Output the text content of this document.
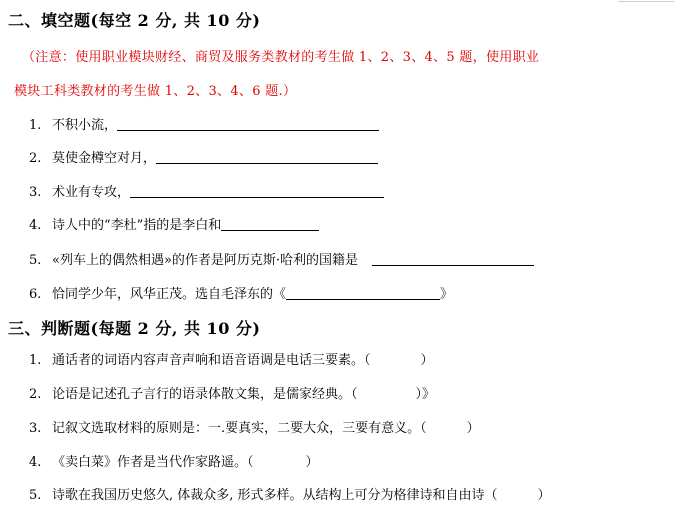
二、填空题(每空 2 分, 共 10 分)
（注意：使用职业模块财经、商贸及服务类教材的考生做 1、2、3、4、5 题，使用职业
模块工科类教材的考生做 1、2、3、4、6 题.）
1. 不积小流，
2. 莫使金樽空对月，
3. 术业有专攻，
4. 诗人中的“李杜”指的是李白和
5. «列车上的偶然相遇»的作者是阿历克斯·哈利的国籍是
6. 恰同学少年，风华正茂。选自毛泽东的《	》
三、判断题(每题 2 分, 共 10 分)
1. 通话者的词语内容声音声响和语音语调是电话三要素。（	）
2. 论语是记述孔子言行的语录体散文集，是儒家经典。（	）》
3. 记叙文选取材料的原则是：一.要真实，二要大众，三要有意义。（	）
4. 《卖白菜》作者是当代作家路遥。（	）
5. 诗歌在我国历史悠久, 体裁众多, 形式多样。从结构上可分为格律诗和自由诗（	）
